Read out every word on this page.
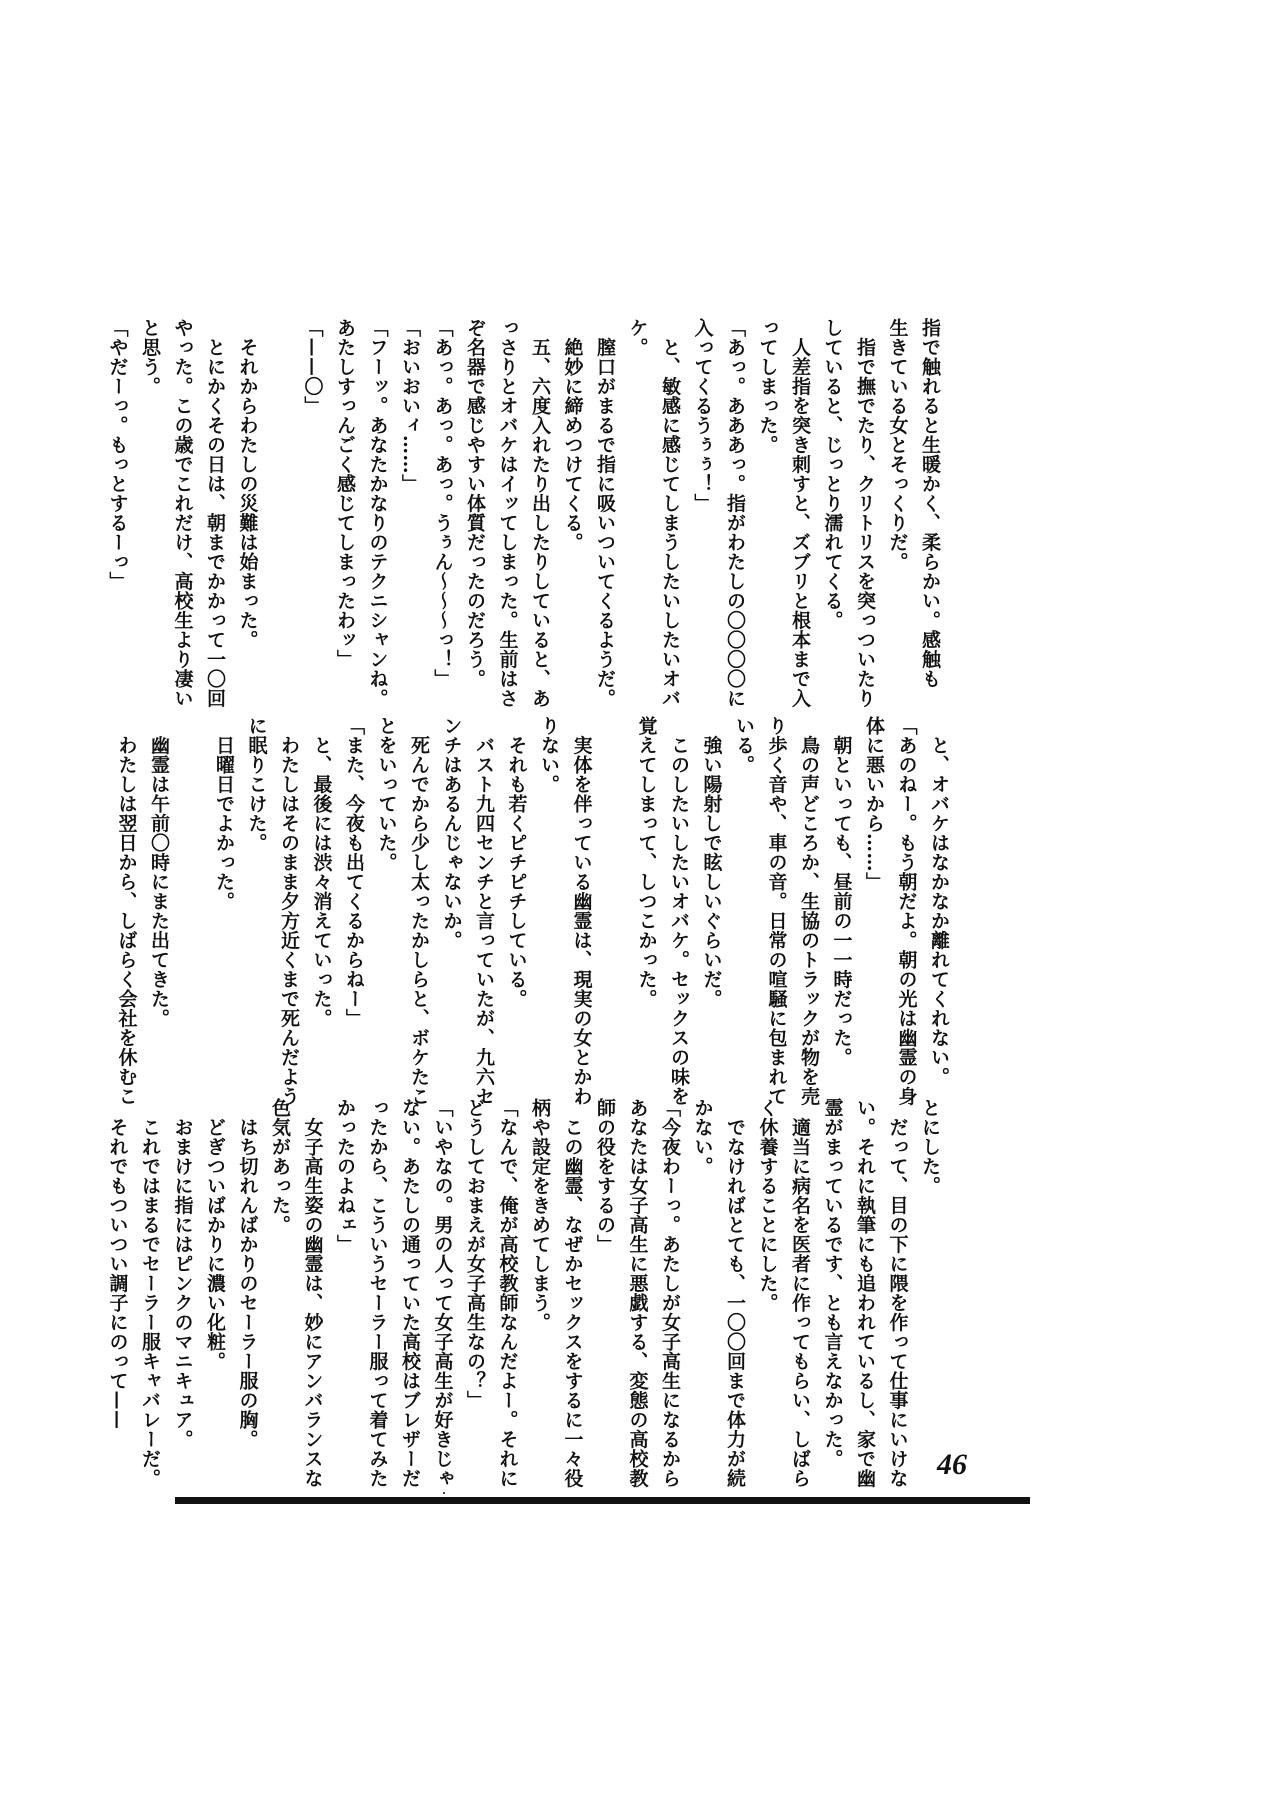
指で触れると生暖かく、柔らかい。感触も
生きている女とそっくりだ。
　指で撫でたり、クリトリスを突っついたり
していると、じっとり濡れてくる。
　人差指を突き刺すと、ズブリと根本まで入
ってしまった。
「あっ。あああっ。指がわたしの〇〇〇〇に
入ってくるうぅぅ！」
　と、敏感に感じてしまうしたいしたいオバ
ケ。
　膣口がまるで指に吸いついてくるようだ。
　絶妙に締めつけてくる。
　五、六度入れたり出したりしていると、あ
っさりとオバケはイッてしまった。生前はさ
ぞ名器で感じやすい体質だったのだろう。
「あっ。あっ。あっ。うぅん〜〜〜っ！」
「おいおいィ……」
「フーッ。あなたかなりのテクニシャンね。
あたしすっんごく感じてしまったわッ」
「——〇」

　それからわたしの災難は始まった。
　とにかくその日は、朝までかかって一〇回
やった。この歳でこれだけ、高校生より凄い
と思う。
「やだーっ。もっとするーっ」
　と、オバケはなかなか離れてくれない。
「あのねー。もう朝だよ。朝の光は幽霊の身
体に悪いから……」
　朝といっても、昼前の一一時だった。
　鳥の声どころか、生協のトラックが物を売
り歩く音や、車の音。日常の喧騒に包まれて
いる。
　強い陽射しで眩しいぐらいだ。
　このしたいしたいオバケ。セックスの味を
覚えてしまって、しつこかった。

　実体を伴っている幽霊は、現実の女とかわ
りない。
　それも若くピチピチしている。
　バスト九四センチと言っていたが、九六セ
ンチはあるんじゃないか。
　死んでから少し太ったかしらと、ボケたこ
とをいっていた。
「また、今夜も出てくるからねー」
　と、最後には渋々消えていった。
　わたしはそのまま夕方近くまで死んだよう
に眠りこけた。
　日曜日でよかった。

　幽霊は午前〇時にまた出てきた。
　わたしは翌日から、しばらく会社を休むこ
とにした。
　だって、目の下に隈を作って仕事にいけな
い。それに執筆にも追われているし、家で幽
霊がまっているです、とも言えなかった。
　適当に病名を医者に作ってもらい、しばら
く休養することにした。
　でなければとても、一〇〇回まで体力が続
かない。
「今夜わーっ。あたしが女子高生になるから
あなたは女子高生に悪戯する、変態の高校教
師の役をするの」
　この幽霊、なぜかセックスをするに一々役
柄や設定をきめてしまう。
「なんで、俺が高校教師なんだよー。それに
どうしておまえが女子高生なの？」
「いやなの。男の人って女子高生が好きじゃ
ない。あたしの通っていた高校はブレザーだ
ったから、こういうセーラー服って着てみた
かったのよねェ」
　女子高生姿の幽霊は、妙にアンバランスな
色気があった。
　はち切れんばかりのセーラー服の胸。
　どぎついばかりに濃い化粧。
　おまけに指にはピンクのマニキュア。
　これではまるでセーラー服キャバレーだ。
　それでもついつい調子にのって——
46
